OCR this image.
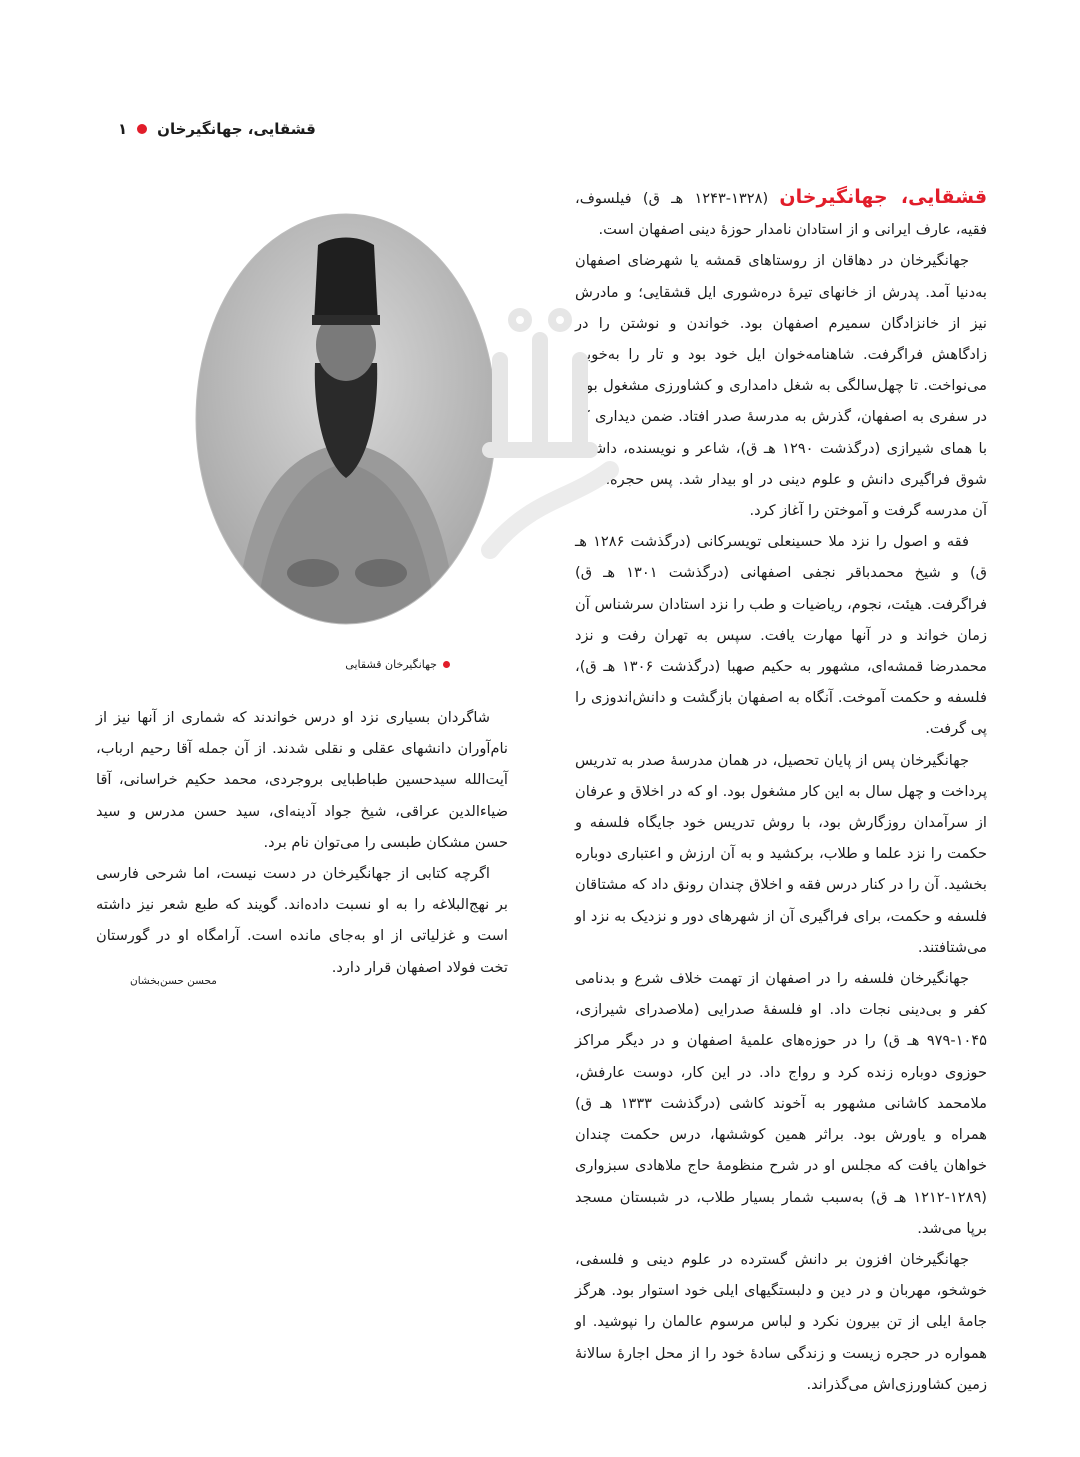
۱ قشقایی، جهانگیرخان
جهانگیرخان قشقایی

قشقایی، جهانگیرخان (۱۳۲۸-۱۲۴۳ هـ ق) فیلسوف، فقیه، عارف ایرانی و از استادان نامدار حوزهٔ دینی اصفهان است.

جهانگیرخان در دهاقان از روستاهای قمشه یا شهرضای اصفهان به‌دنیا آمد. پدرش از خانهای تیرهٔ دره‌شوری ایل قشقایی؛ و مادرش نیز از خانزادگان سمیرم اصفهان بود. خواندن و نوشتن را در زادگاهش فراگرفت. شاهنامه‌خوان ایل خود بود و تار را به‌خوبی می‌نواخت. تا چهل‌سالگی به شغل دامداری و کشاورزی مشغول بود. در سفری به اصفهان، گذرش به مدرسهٔ صدر افتاد. ضمن دیداری که با همای شیرازی (درگذشت ۱۲۹۰ هـ ق)، شاعر و نویسنده، داشت، شوق فراگیری دانش و علوم دینی در او بیدار شد. پس حجره‌ای در آن مدرسه گرفت و آموختن را آغاز کرد.

فقه و اصول را نزد ملا حسینعلی تویسرکانی (درگذشت ۱۲۸۶ هـ ق) و شیخ محمدباقر نجفی اصفهانی (درگذشت ۱۳۰۱ هـ ق) فراگرفت. هیئت، نجوم، ریاضیات و طب را نزد استادان سرشناس آن زمان خواند و در آنها مهارت یافت. سپس به تهران رفت و نزد محمدرضا قمشه‌ای، مشهور به حکیم صهبا (درگذشت ۱۳۰۶ هـ ق)، فلسفه و حکمت آموخت. آنگاه به اصفهان بازگشت و دانش‌اندوزی را پی گرفت.

جهانگیرخان پس از پایان تحصیل، در همان مدرسهٔ صدر به تدریس پرداخت و چهل سال به این کار مشغول بود. او که در اخلاق و عرفان از سرآمدان روزگارش بود، با روش تدریس خود جایگاه فلسفه و حکمت را نزد علما و طلاب، برکشید و به آن ارزش و اعتباری دوباره بخشید. آن را در کنار درس فقه و اخلاق چندان رونق داد که مشتاقان فلسفه و حکمت، برای فراگیری آن از شهرهای دور و نزدیک به نزد او می‌شتافتند.

جهانگیرخان فلسفه را در اصفهان از تهمت خلاف شرع و بدنامی کفر و بی‌دینی نجات داد. او فلسفهٔ صدرایی (ملاصدرای شیرازی، ۱۰۴۵-۹۷۹ هـ ق) را در حوزه‌های علمیهٔ اصفهان و در دیگر مراکز حوزوی دوباره زنده کرد و رواج داد. در این کار، دوست عارفش، ملامحمد کاشانی مشهور به آخوند کاشی (درگذشت ۱۳۳۳ هـ ق) همراه و یاورش بود. براثر همین کوششها، درس حکمت چندان خواهان یافت که مجلس او در شرح منظومهٔ حاج ملاهادی سبزواری (۱۲۸۹-۱۲۱۲ هـ ق) به‌سبب شمار بسیار طلاب، در شبستان مسجد برپا می‌شد.

جهانگیرخان افزون بر دانش گسترده در علوم دینی و فلسفی، خوشخو، مهربان و در دین و دلبستگیهای ایلی خود استوار بود. هرگز جامهٔ ایلی از تن بیرون نکرد و لباس مرسوم عالمان را نپوشید. او همواره در حجره زیست و زندگی سادهٔ خود را از محل اجارهٔ سالانهٔ زمین کشاورزی‌اش می‌گذراند.

شاگردان بسیاری نزد او درس خواندند که شماری از آنها نیز از نام‌آوران دانشهای عقلی و نقلی شدند. از آن جمله آقا رحیم ارباب، آیت‌الله سیدحسین طباطبایی بروجردی، محمد حکیم خراسانی، آقا ضیاءالدین عراقی، شیخ جواد آدینه‌ای، سید حسن مدرس و سید حسن مشکان طبسی را می‌توان نام برد.

اگرچه کتابی از جهانگیرخان در دست نیست، اما شرحی فارسی بر نهج‌البلاغه را به او نسبت داده‌اند. گویند که طبع شعر نیز داشته است و غزلیاتی از او به‌جای مانده است. آرامگاه او در گورستان تخت فولاد اصفهان قرار دارد.

محسن حسن‌بخشان
